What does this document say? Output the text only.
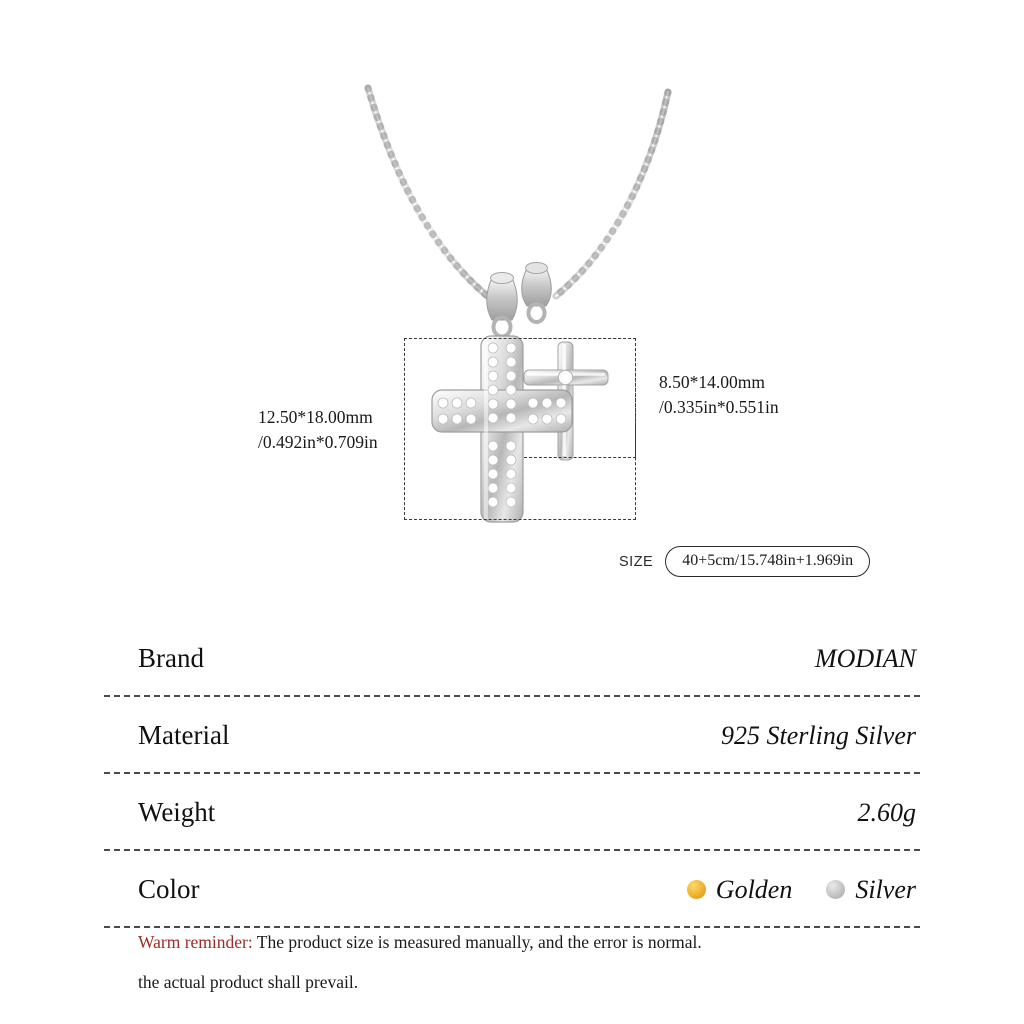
12.50*18.00mm
/0.492in*0.709in
8.50*14.00mm
/0.335in*0.551in
SIZE	40+5cm/15.748in+1.969in
Brand	MODIAN
Material	925 Sterling Silver
Weight	2.60g
Color	Golden Silver
Warm reminder: The product size is measured manually, and the error is normal.
the actual product shall prevail.
